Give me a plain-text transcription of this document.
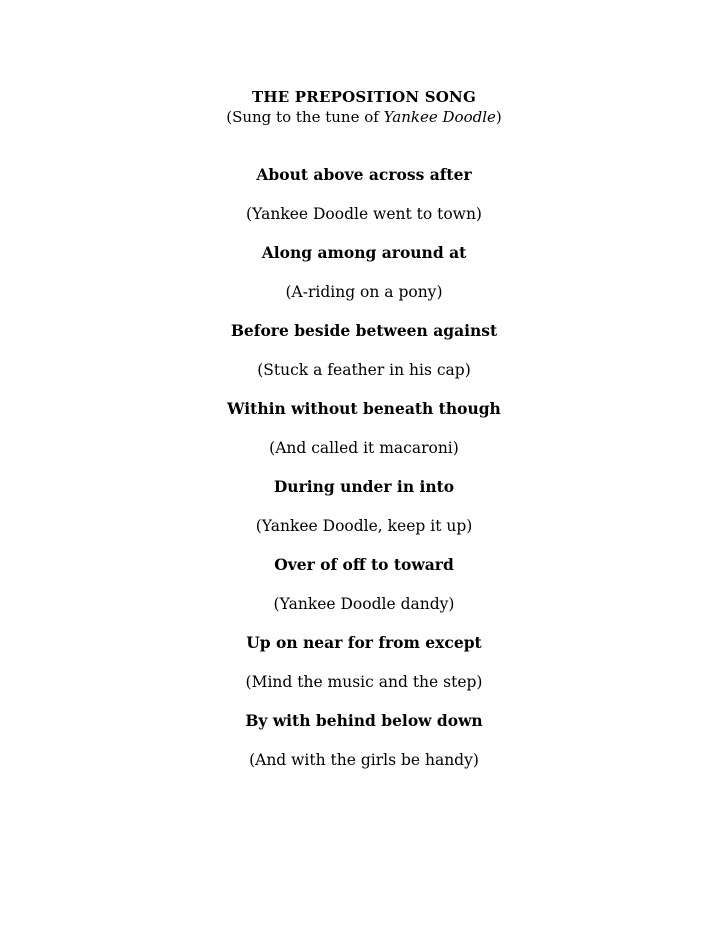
THE PREPOSITION SONG
(Sung to the tune of Yankee Doodle)
About above across after
(Yankee Doodle went to town)
Along among around at
(A-riding on a pony)
Before beside between against
(Stuck a feather in his cap)
Within without beneath though
(And called it macaroni)
During under in into
(Yankee Doodle, keep it up)
Over of off to toward
(Yankee Doodle dandy)
Up on near for from except
(Mind the music and the step)
By with behind below down
(And with the girls be handy)
